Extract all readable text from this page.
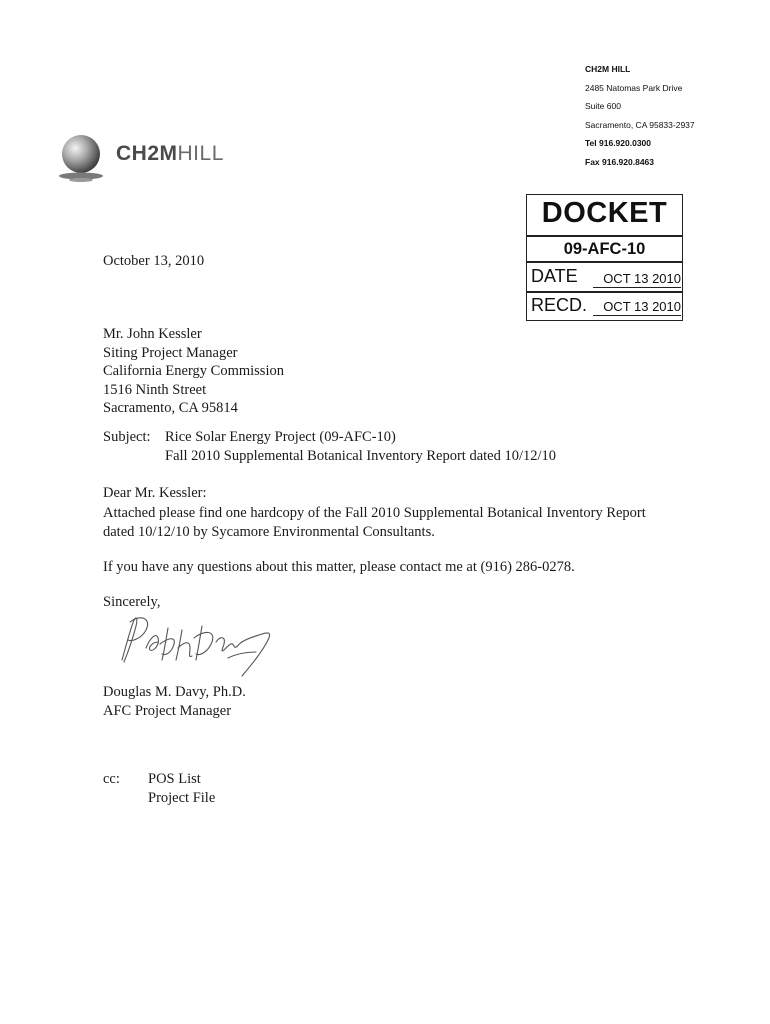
CH2M HILL
2485 Natomas Park Drive
Suite 600
Sacramento, CA 95833-2937
Tel 916.920.0300
Fax 916.920.8463
CH2MHILL
DOCKET
09-AFC-10
DATE	OCT 13 2010
RECD.	OCT 13 2010
October 13, 2010
Mr. John Kessler
Siting Project Manager
California Energy Commission
1516 Ninth Street
Sacramento, CA 95814
Subject: Rice Solar Energy Project (09-AFC-10)
Fall 2010 Supplemental Botanical Inventory Report dated 10/12/10
Dear Mr. Kessler:
Attached please find one hardcopy of the Fall 2010 Supplemental Botanical Inventory Report
dated 10/12/10 by Sycamore Environmental Consultants.
If you have any questions about this matter, please contact me at (916) 286-0278.
Sincerely,
Douglas M. Davy, Ph.D.
AFC Project Manager
cc: POS List
Project File
